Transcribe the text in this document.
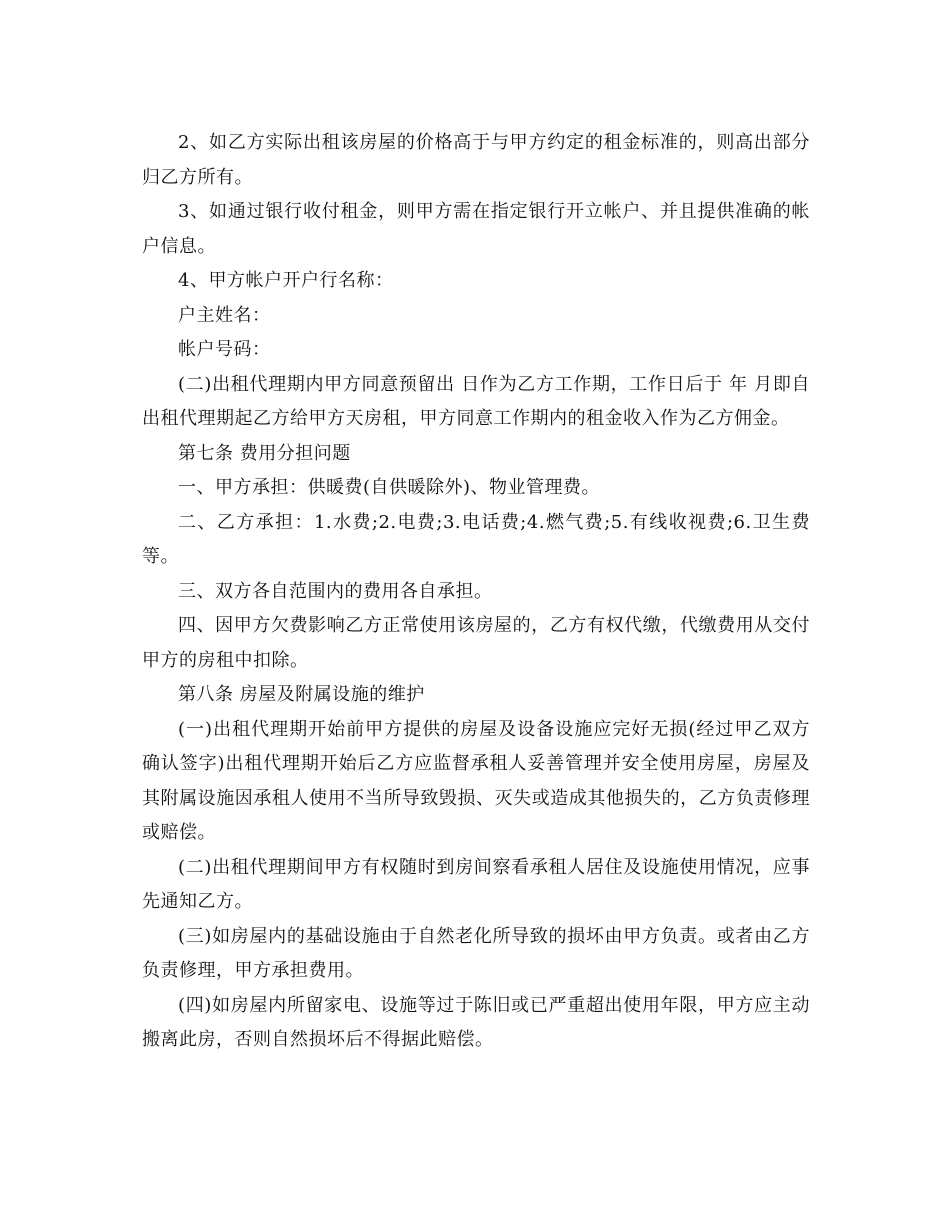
2、如乙方实际出租该房屋的价格高于与甲方约定的租金标准的，则高出部分归乙方所有。

3、如通过银行收付租金，则甲方需在指定银行开立帐户、并且提供准确的帐户信息。

4、甲方帐户开户行名称：

户主姓名：

帐户号码：

(二)出租代理期内甲方同意预留出 日作为乙方工作期，工作日后于 年 月即自出租代理期起乙方给甲方天房租，甲方同意工作期内的租金收入作为乙方佣金。

第七条 费用分担问题

一、甲方承担：供暖费(自供暖除外)、物业管理费。

二、乙方承担：1.水费;2.电费;3.电话费;4.燃气费;5.有线收视费;6.卫生费等。

三、双方各自范围内的费用各自承担。

四、因甲方欠费影响乙方正常使用该房屋的，乙方有权代缴，代缴费用从交付甲方的房租中扣除。

第八条 房屋及附属设施的维护

(一)出租代理期开始前甲方提供的房屋及设备设施应完好无损(经过甲乙双方确认签字)出租代理期开始后乙方应监督承租人妥善管理并安全使用房屋，房屋及其附属设施因承租人使用不当所导致毁损、灭失或造成其他损失的，乙方负责修理或赔偿。

(二)出租代理期间甲方有权随时到房间察看承租人居住及设施使用情况，应事先通知乙方。

(三)如房屋内的基础设施由于自然老化所导致的损坏由甲方负责。或者由乙方负责修理，甲方承担费用。

(四)如房屋内所留家电、设施等过于陈旧或已严重超出使用年限，甲方应主动搬离此房，否则自然损坏后不得据此赔偿。
